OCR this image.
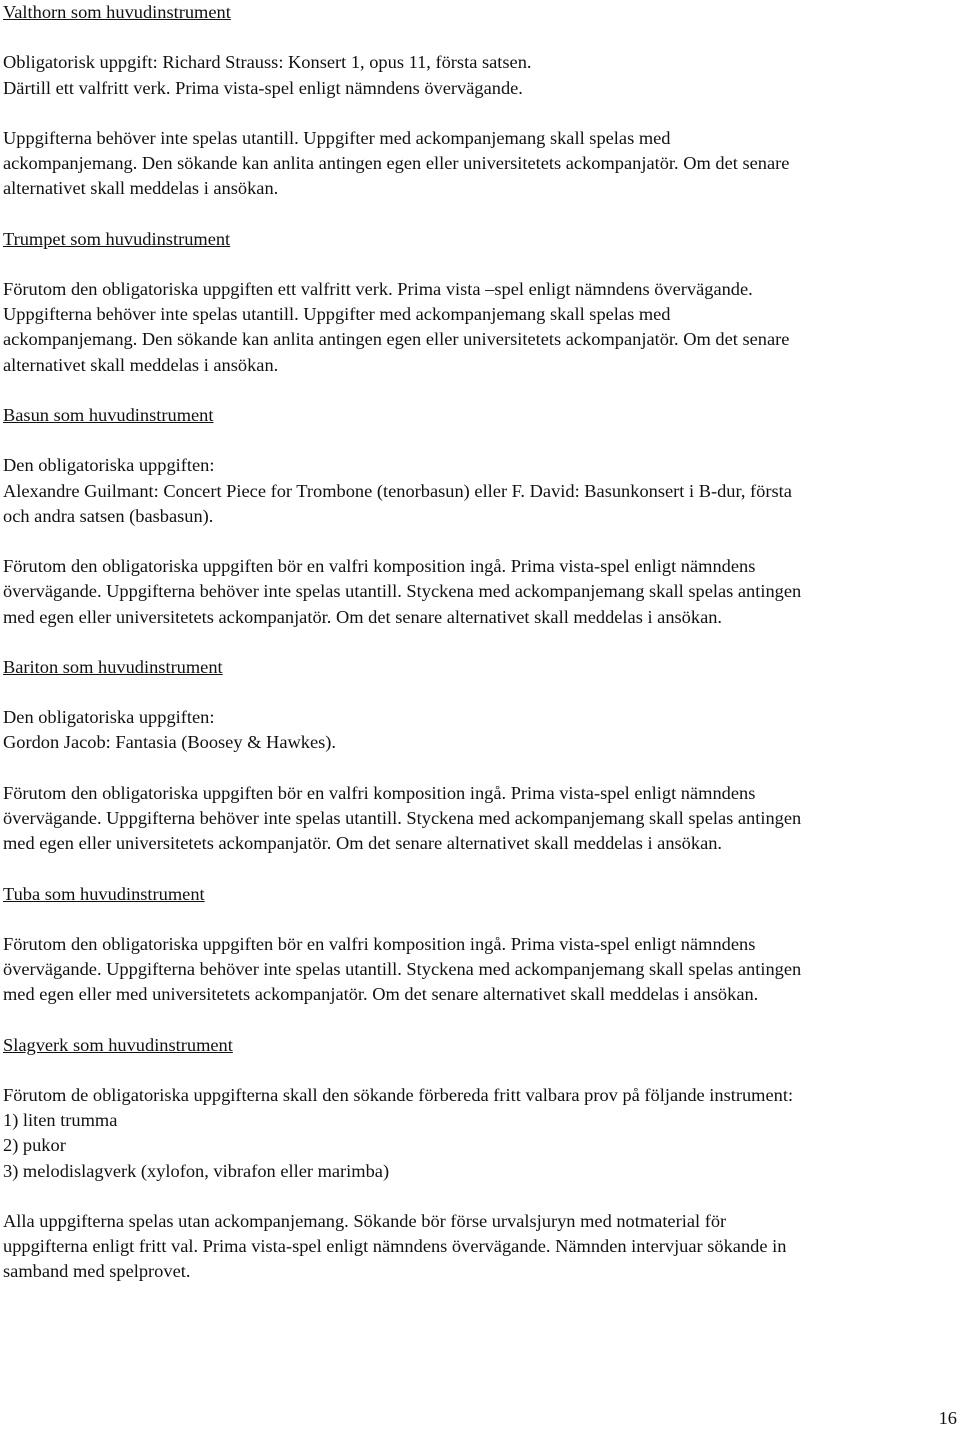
Valthorn som huvudinstrument
Obligatorisk uppgift: Richard Strauss: Konsert 1, opus 11, första satsen.
Därtill ett valfritt verk. Prima vista-spel enligt nämndens övervägande.
Uppgifterna behöver inte spelas utantill. Uppgifter med ackompanjemang skall spelas med
ackompanjemang. Den sökande kan anlita antingen egen eller universitetets ackompanjatör. Om det senare
alternativet skall meddelas i ansökan.
Trumpet som huvudinstrument
Förutom den obligatoriska uppgiften ett valfritt verk. Prima vista –spel enligt nämndens övervägande.
Uppgifterna behöver inte spelas utantill. Uppgifter med ackompanjemang skall spelas med
ackompanjemang. Den sökande kan anlita antingen egen eller universitetets ackompanjatör. Om det senare
alternativet skall meddelas i ansökan.
Basun som huvudinstrument
Den obligatoriska uppgiften:
Alexandre Guilmant: Concert Piece for Trombone (tenorbasun) eller F. David: Basunkonsert i B-dur, första
och andra satsen (basbasun).
Förutom den obligatoriska uppgiften bör en valfri komposition ingå. Prima vista-spel enligt nämndens
övervägande. Uppgifterna behöver inte spelas utantill. Styckena med ackompanjemang skall spelas antingen
med egen eller universitetets ackompanjatör. Om det senare alternativet skall meddelas i ansökan.
Bariton som huvudinstrument
Den obligatoriska uppgiften:
Gordon Jacob: Fantasia (Boosey & Hawkes).
Förutom den obligatoriska uppgiften bör en valfri komposition ingå. Prima vista-spel enligt nämndens
övervägande. Uppgifterna behöver inte spelas utantill. Styckena med ackompanjemang skall spelas antingen
med egen eller universitetets ackompanjatör. Om det senare alternativet skall meddelas i ansökan.
Tuba som huvudinstrument
Förutom den obligatoriska uppgiften bör en valfri komposition ingå. Prima vista-spel enligt nämndens
övervägande. Uppgifterna behöver inte spelas utantill. Styckena med ackompanjemang skall spelas antingen
med egen eller med universitetets ackompanjatör. Om det senare alternativet skall meddelas i ansökan.
Slagverk som huvudinstrument
Förutom de obligatoriska uppgifterna skall den sökande förbereda fritt valbara prov på följande instrument:
1) liten trumma
2) pukor
3) melodislagverk (xylofon, vibrafon eller marimba)
Alla uppgifterna spelas utan ackompanjemang. Sökande bör förse urvalsjuryn med notmaterial för
uppgifterna enligt fritt val. Prima vista-spel enligt nämndens övervägande. Nämnden intervjuar sökande in
samband med spelprovet.
16
